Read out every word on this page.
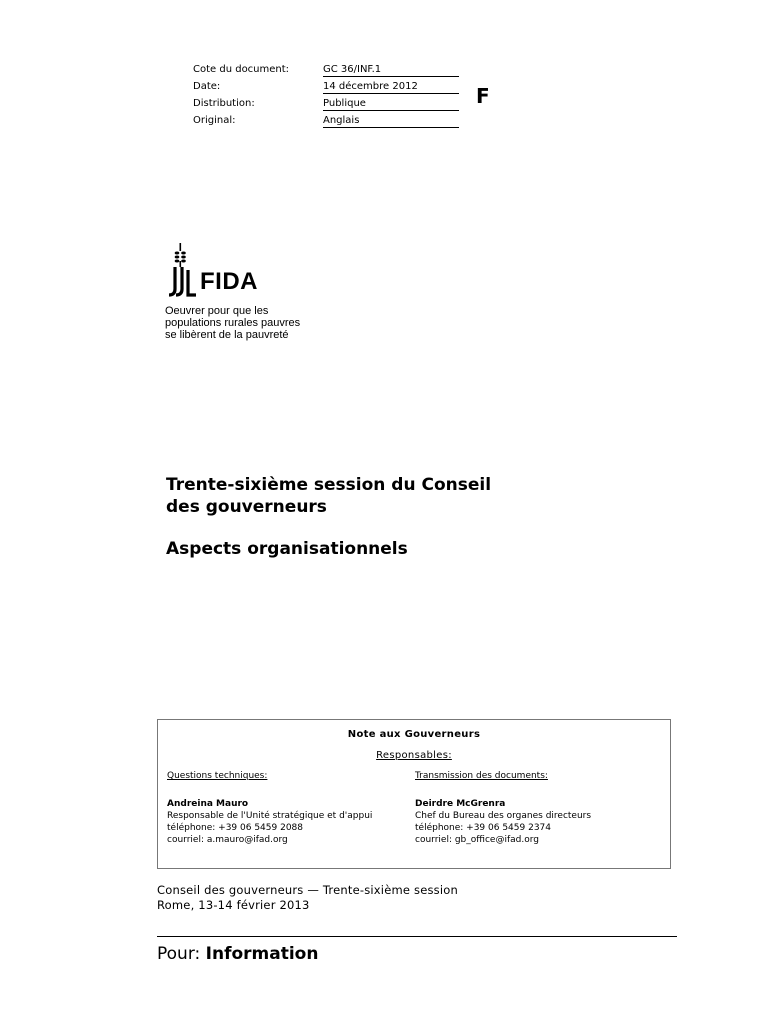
Cote du document:	GC 36/INF.1
Date:	14 décembre 2012
Distribution:	Publique
Original:	Anglais
F
FIDA
Oeuvrer pour que les
populations rurales pauvres
se libèrent de la pauvreté
Trente-sixième session du Conseil
des gouverneurs
Aspects organisationnels
Note aux Gouverneurs
Responsables:
Questions techniques:
Andreina Mauro
Responsable de l'Unité stratégique et d'appui
téléphone: +39 06 5459 2088
courriel: a.mauro@ifad.org
Transmission des documents:
Deirdre McGrenra
Chef du Bureau des organes directeurs
téléphone: +39 06 5459 2374
courriel: gb_office@ifad.org
Conseil des gouverneurs — Trente-sixième session
Rome, 13-14 février 2013
Pour: Information
